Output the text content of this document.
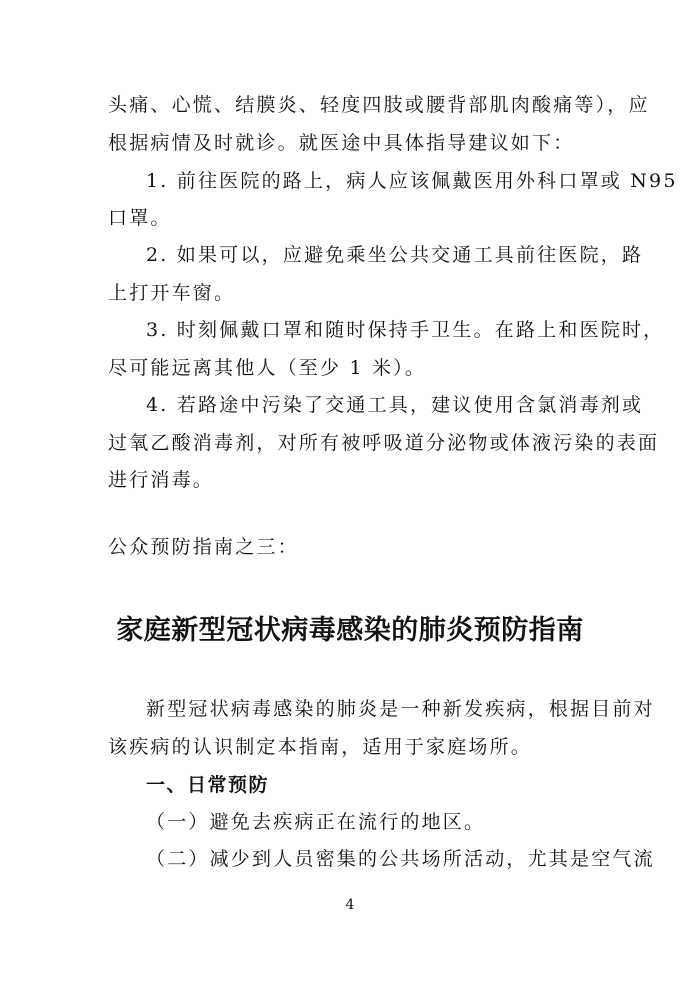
头痛、心慌、结膜炎、轻度四肢或腰背部肌肉酸痛等），应
根据病情及时就诊。就医途中具体指导建议如下：
1. 前往医院的路上，病人应该佩戴医用外科口罩或 N95
口罩。
2. 如果可以，应避免乘坐公共交通工具前往医院，路
上打开车窗。
3. 时刻佩戴口罩和随时保持手卫生。在路上和医院时，
尽可能远离其他人（至少 1 米）。
4. 若路途中污染了交通工具，建议使用含氯消毒剂或
过氧乙酸消毒剂，对所有被呼吸道分泌物或体液污染的表面
进行消毒。
公众预防指南之三：
家庭新型冠状病毒感染的肺炎预防指南
新型冠状病毒感染的肺炎是一种新发疾病，根据目前对
该疾病的认识制定本指南，适用于家庭场所。
一、日常预防
（一）避免去疾病正在流行的地区。
（二）减少到人员密集的公共场所活动，尤其是空气流
4
